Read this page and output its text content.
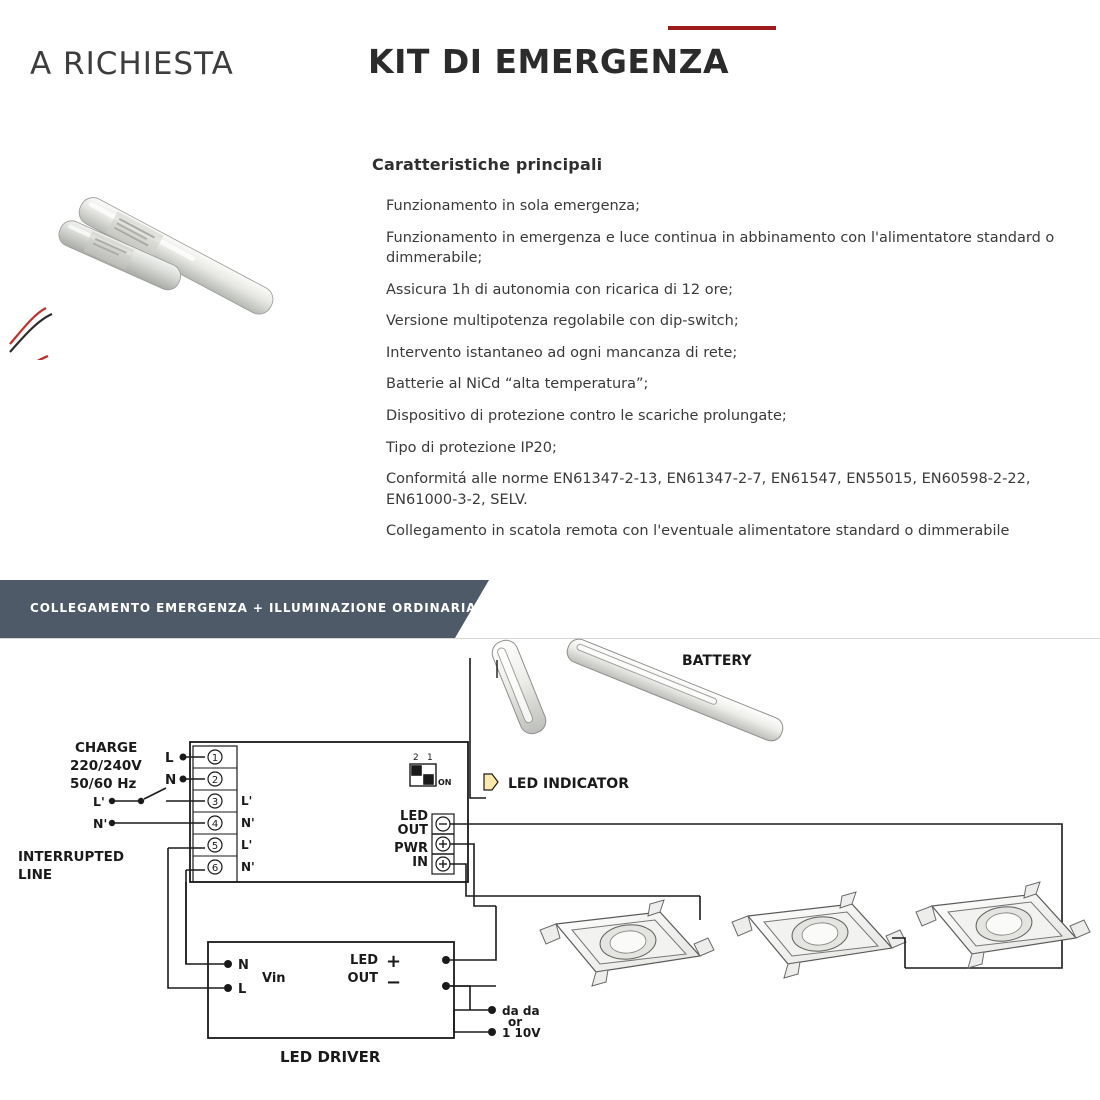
A RICHIESTA	KIT DI EMERGENZA
Caratteristiche principali

Funzionamento in sola emergenza;

Funzionamento in emergenza e luce continua in abbinamento con l'alimentatore standard o dimmerabile;

Assicura 1h di autonomia con ricarica di 12 ore;

Versione multipotenza regolabile con dip-switch;

Intervento istantaneo ad ogni mancanza di rete;

Batterie al NiCd “alta temperatura”;

Dispositivo di protezione contro le scariche prolungate;

Tipo di protezione IP20;

Conformitá alle norme EN61347-2-13, EN61347-2-7, EN61547, EN55015, EN60598-2-22, EN61000-3-2, SELV.

Collegamento in scatola remota con l'eventuale alimentatore standard o dimmerabile

COLLEGAMENTO EMERGENZA + ILLUMINAZIONE ORDINARIA
BATTERY
1
2
3
4
5
6
L'
N'
L'
N'
CHARGE
220/240V
50/60 Hz
L
N
INTERRUPTED
LINE
L'
N'
2 1
ON	LED INDICATOR
LED
OUT
PWR
IN
N
L
Vin
LED
OUT
+
−
da da
or
1 10V
LED DRIVER
